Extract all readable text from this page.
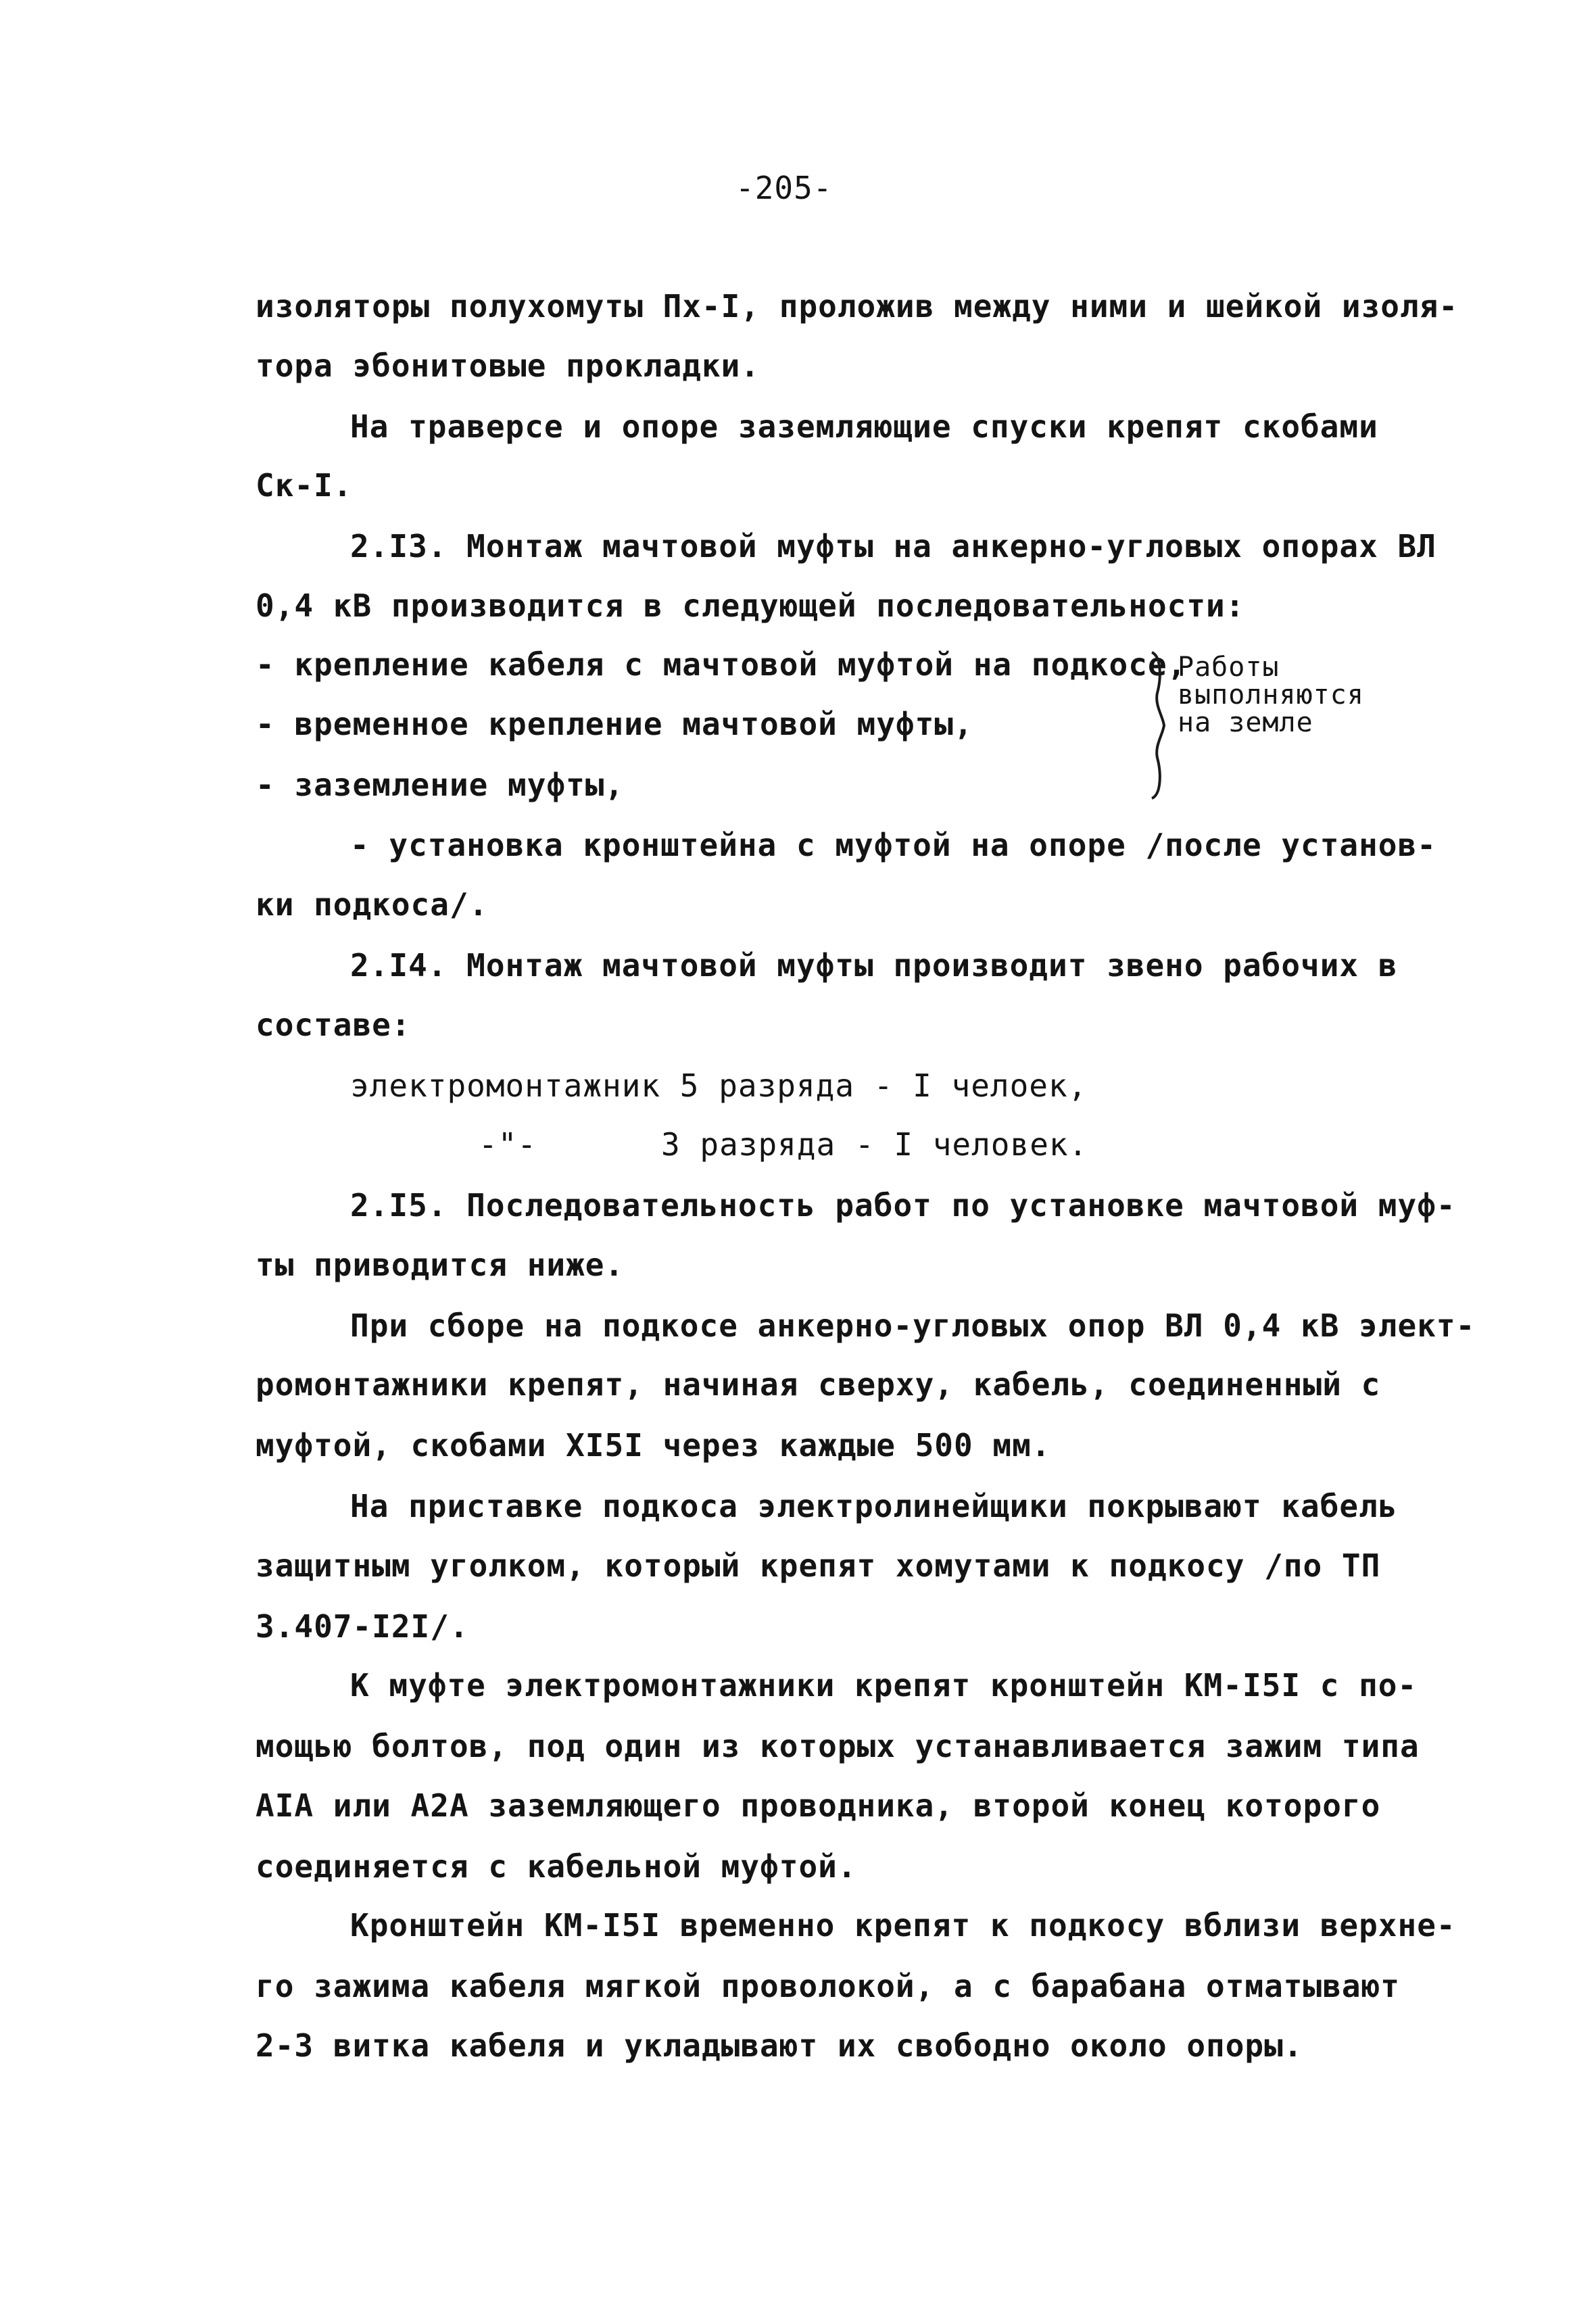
-205-
изоляторы полухомуты Пх-I, проложив между ними и шейкой изоля-
тора эбонитовые прокладки.
На траверсе и опоре заземляющие спуски крепят скобами
Ск-I.
2.I3. Монтаж мачтовой муфты на анкерно-угловых опорах ВЛ
0,4 кВ производится в следующей последовательности:
- крепление кабеля с мачтовой муфтой на подкосе,
- временное крепление мачтовой муфты,
- заземление муфты,
Работы
выполняются
на земле
- установка кронштейна с муфтой на опоре /после установ-
ки подкоса/.
2.I4. Монтаж мачтовой муфты производит звено рабочих в
составе:
электромонтажник 5 разряда - I челоек,
-"-	3 разряда - I человек.
2.I5. Последовательность работ по установке мачтовой муф-
ты приводится ниже.
При сборе на подкосе анкерно-угловых опор ВЛ 0,4 кВ элект-
ромонтажники крепят, начиная сверху, кабель, соединенный с
муфтой, скобами XI5I через каждые 500 мм.
На приставке подкоса электролинейщики покрывают кабель
защитным уголком, который крепят хомутами к подкосу /по ТП
3.407-I2I/.
К муфте электромонтажники крепят кронштейн КМ-I5I с по-
мощью болтов, под один из которых устанавливается зажим типа
АIА или А2А заземляющего проводника, второй конец которого
соединяется с кабельной муфтой.
Кронштейн КМ-I5I временно крепят к подкосу вблизи верхне-
го зажима кабеля мягкой проволокой, а с барабана отматывают
2-3 витка кабеля и укладывают их свободно около опоры.
